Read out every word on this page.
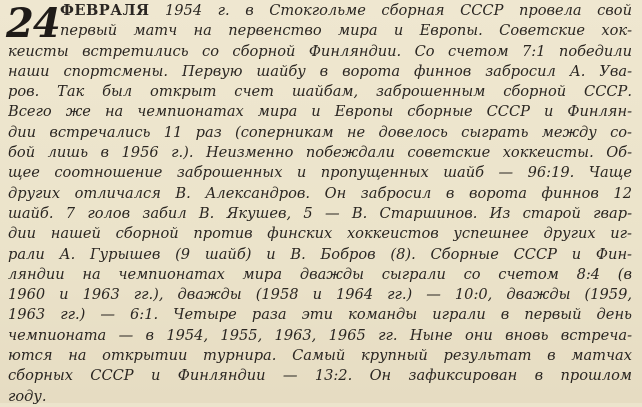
24 ФЕВРАЛЯ 1954 г. в Стокгольме сборная СССР провела свой
первый матч на первенство мира и Европы. Советские хок-
кеисты встретились со сборной Финляндии. Со счетом 7:1 победили
наши спортсмены. Первую шайбу в ворота финнов забросил А. Ува-
ров. Так был открыт счет шайбам, заброшенным сборной СССР.
Всего же на чемпионатах мира и Европы сборные СССР и Финлян-
дии встречались 11 раз (соперникам не довелось сыграть между со-
бой лишь в 1956 г.). Неизменно побеждали советские хоккеисты. Об-
щее соотношение заброшенных и пропущенных шайб — 96:19. Чаще
других отличался В. Александров. Он забросил в ворота финнов 12
шайб. 7 голов забил В. Якушев, 5 — В. Старшинов. Из старой гвар-
дии нашей сборной против финских хоккеистов успешнее других иг-
рали А. Гурышев (9 шайб) и В. Бобров (8). Сборные СССР и Фин-
ляндии на чемпионатах мира дважды сыграли со счетом 8:4 (в
1960 и 1963 гг.), дважды (1958 и 1964 гг.) — 10:0, дважды (1959,
1963 гг.) — 6:1. Четыре раза эти команды играли в первый день
чемпионата — в 1954, 1955, 1963, 1965 гг. Ныне они вновь встреча-
ются на открытии турнира. Самый крупный результат в матчах
сборных СССР и Финляндии — 13:2. Он зафиксирован в прошлом
году.
